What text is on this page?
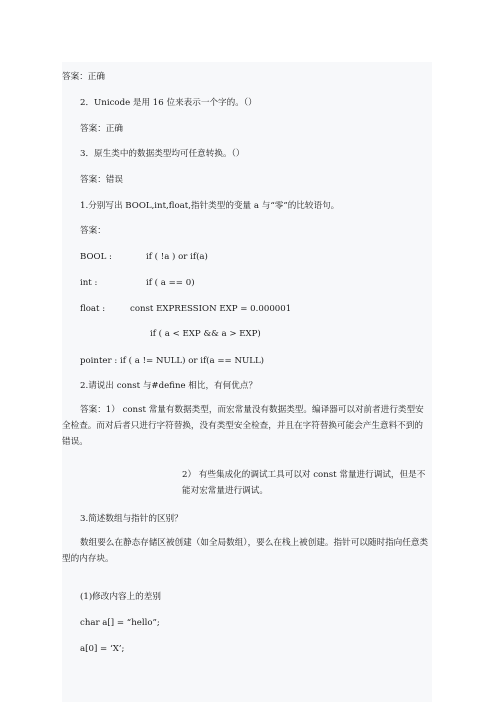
答案：正确
2．Unicode 是用 16 位来表示一个字的。（）
答案：正确
3．原生类中的数据类型均可任意转换。（）
答案：错误
1.分别写出 BOOL,int,float,指针类型的变量 a 与“零”的比较语句。
答案：
BOOL :	if ( !a ) or if(a)
int :	if ( a == 0)
float :	const EXPRESSION EXP = 0.000001
if ( a < EXP && a > EXP)
pointer : if ( a != NULL) or if(a == NULL)
2.请说出 const 与#define 相比，有何优点？
答案：1） const 常量有数据类型，而宏常量没有数据类型。编译器可以对前者进行类型安全检查。而对后者只进行字符替换，没有类型安全检查，并且在字符替换可能会产生意料不到的错误。
2） 有些集成化的调试工具可以对 const 常量进行调试，但是不能对宏常量进行调试。
3.简述数组与指针的区别？
数组要么在静态存储区被创建（如全局数组），要么在栈上被创建。指针可以随时指向任意类型的内存块。
(1)修改内容上的差别
char a[] = “hello”;
a[0] = ‘X’;
